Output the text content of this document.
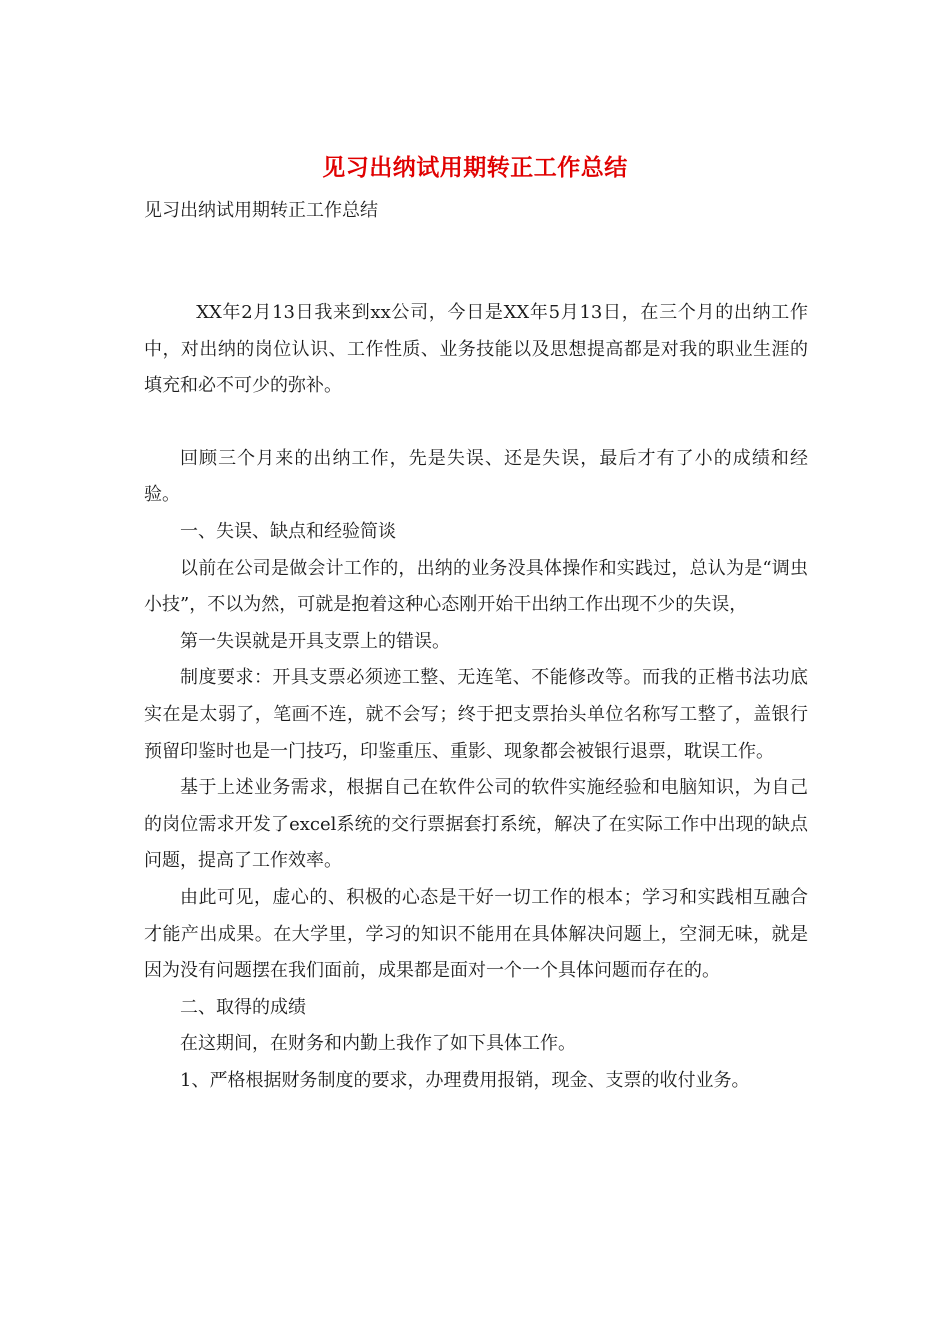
见习出纳试用期转正工作总结

见习出纳试用期转正工作总结

XX年2月13日我来到xx公司，今日是XX年5月13日，在三个月的出纳工作中，对出纳的岗位认识、工作性质、业务技能以及思想提高都是对我的职业生涯的填充和必不可少的弥补。

回顾三个月来的出纳工作，先是失误、还是失误，最后才有了小的成绩和经验。

一、失误、缺点和经验简谈

以前在公司是做会计工作的，出纳的业务没具体操作和实践过，总认为是“调虫小技”，不以为然，可就是抱着这种心态刚开始干出纳工作出现不少的失误，

第一失误就是开具支票上的错误。

制度要求：开具支票必须迹工整、无连笔、不能修改等。而我的正楷书法功底实在是太弱了，笔画不连，就不会写；终于把支票抬头单位名称写工整了，盖银行预留印鉴时也是一门技巧，印鉴重压、重影、现象都会被银行退票，耽误工作。

基于上述业务需求，根据自己在软件公司的软件实施经验和电脑知识，为自己的岗位需求开发了excel系统的交行票据套打系统，解决了在实际工作中出现的缺点问题，提高了工作效率。

由此可见，虚心的、积极的心态是干好一切工作的根本；学习和实践相互融合才能产出成果。在大学里，学习的知识不能用在具体解决问题上，空洞无味，就是因为没有问题摆在我们面前，成果都是面对一个一个具体问题而存在的。

二、取得的成绩

在这期间，在财务和内勤上我作了如下具体工作。

1、严格根据财务制度的要求，办理费用报销，现金、支票的收付业务。
